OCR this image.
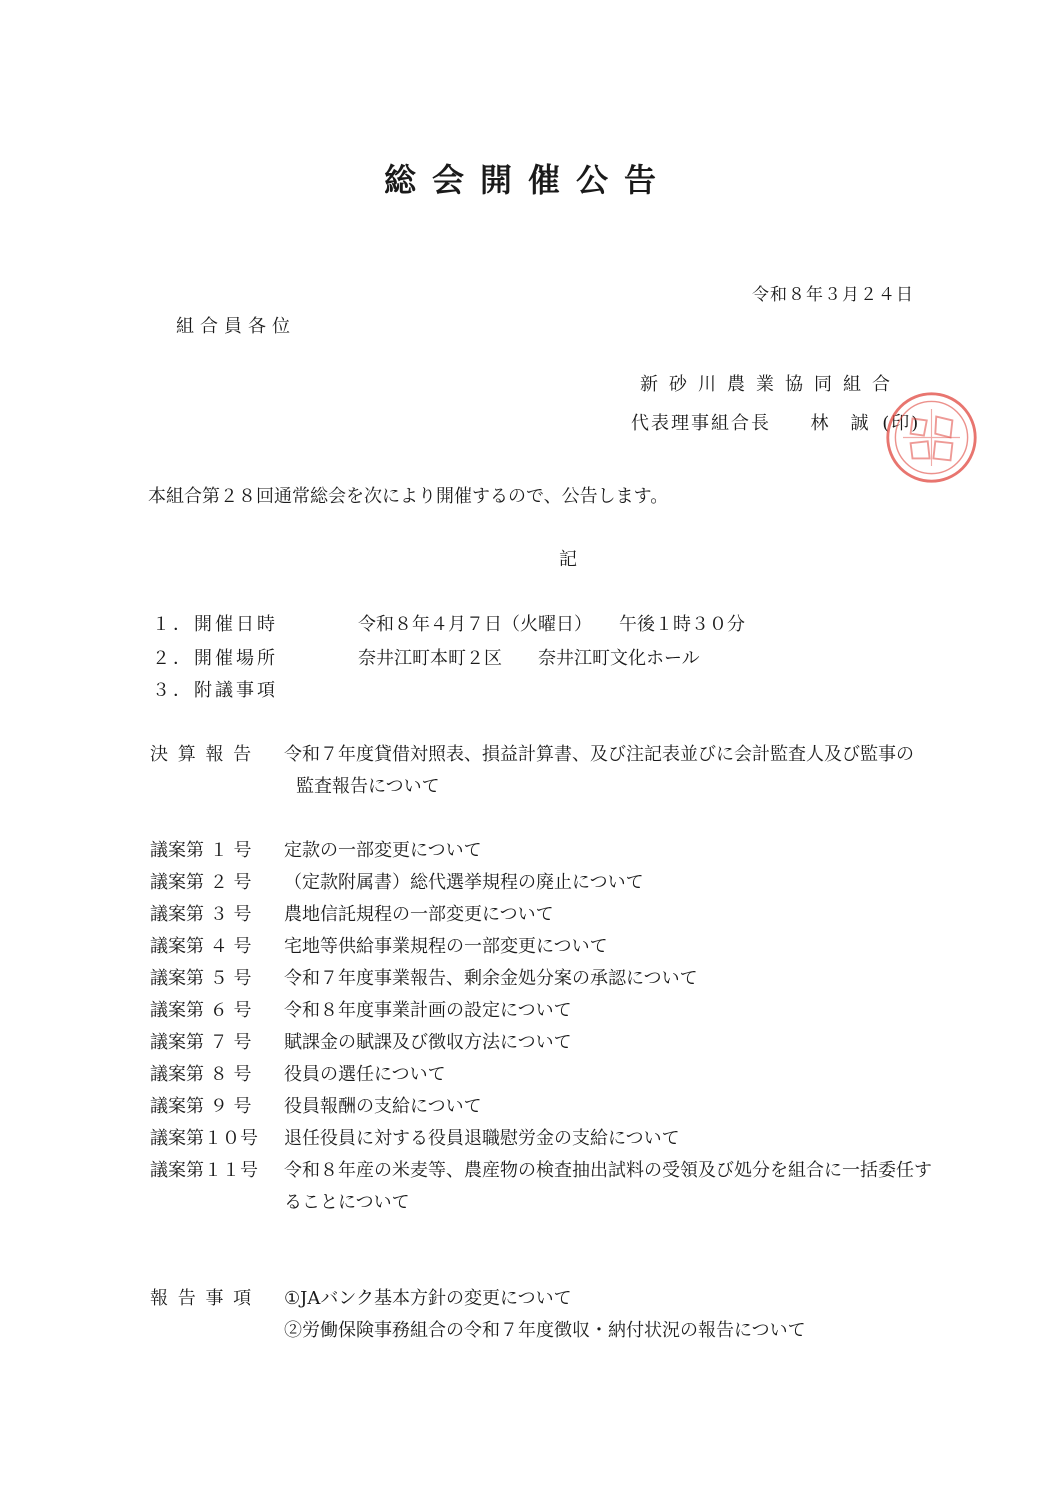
総会開催公告
令和８年３月２４日
組合員各位
新砂川農業協同組合
代表理事組合長 林　誠 (印)
本組合第２８回通常総会を次により開催するので、公告します。
記
１．開催日時	令和８年４月７日（火曜日）　　午後１時３０分
２．開催場所	奈井江町本町２区　　奈井江町文化ホール
３．附議事項
決 算 報 告 令和７年度貸借対照表、損益計算書、及び注記表並びに会計監査人及び監事の
監査報告について
議案第 １ 号 定款の一部変更について
議案第 ２ 号 （定款附属書）総代選挙規程の廃止について
議案第 ３ 号 農地信託規程の一部変更について
議案第 ４ 号 宅地等供給事業規程の一部変更について
議案第 ５ 号 令和７年度事業報告、剰余金処分案の承認について
議案第 ６ 号 令和８年度事業計画の設定について
議案第 ７ 号 賦課金の賦課及び徴収方法について
議案第 ８ 号 役員の選任について
議案第 ９ 号 役員報酬の支給について
議案第１０号 退任役員に対する役員退職慰労金の支給について
議案第１１号 令和８年産の米麦等、農産物の検査抽出試料の受領及び処分を組合に一括委任す
ることについて
報 告 事 項 ①JAバンク基本方針の変更について
②労働保険事務組合の令和７年度徴収・納付状況の報告について
